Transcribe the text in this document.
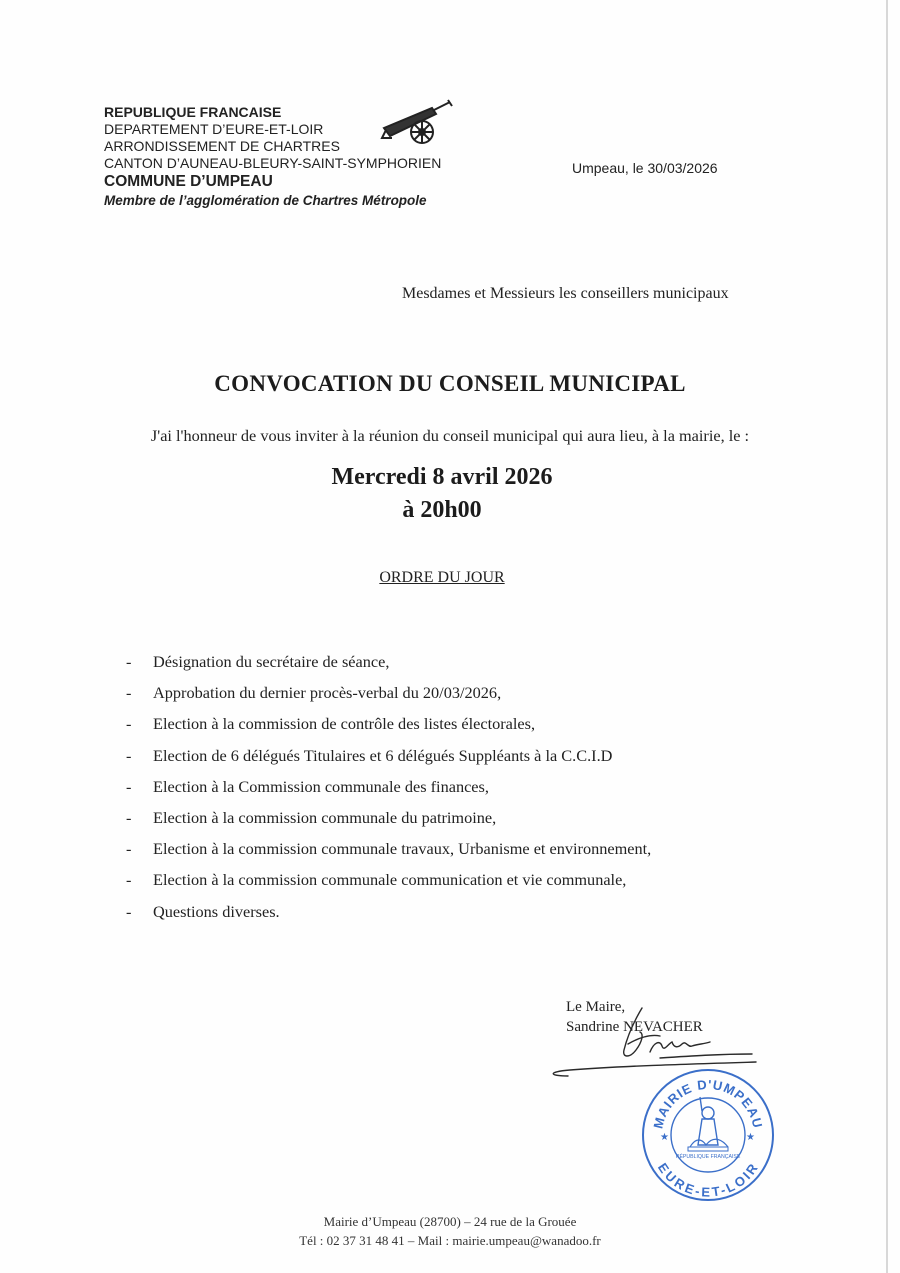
REPUBLIQUE FRANCAISE
DEPARTEMENT D’EURE-ET-LOIR
ARRONDISSEMENT DE CHARTRES
CANTON D’AUNEAU-BLEURY-SAINT-SYMPHORIEN
COMMUNE D’UMPEAU
Membre de l’agglomération de Chartres Métropole
Umpeau, le 30/03/2026
Mesdames et Messieurs les conseillers municipaux
CONVOCATION DU CONSEIL MUNICIPAL
J'ai l'honneur de vous inviter à la réunion du conseil municipal qui aura lieu, à la mairie, le :
Mercredi 8 avril 2026
à 20h00
ORDRE DU JOUR
- Désignation du secrétaire de séance,
- Approbation du dernier procès-verbal du 20/03/2026,
- Election à la commission de contrôle des listes électorales,
- Election de 6 délégués Titulaires et 6 délégués Suppléants à la C.C.I.D
- Election à la Commission communale des finances,
- Election à la commission communale du patrimoine,
- Election à la commission communale travaux, Urbanisme et environnement,
- Election à la commission communale communication et vie communale,
- Questions diverses.
Le Maire,
Sandrine NEVACHER
MAIRIE D'UMPEAU
EURE-ET-LOIR
★	★
RÉPUBLIQUE FRANÇAISE
Mairie d’Umpeau (28700) – 24 rue de la Grouée
Tél : 02 37 31 48 41 – Mail : mairie.umpeau@wanadoo.fr
